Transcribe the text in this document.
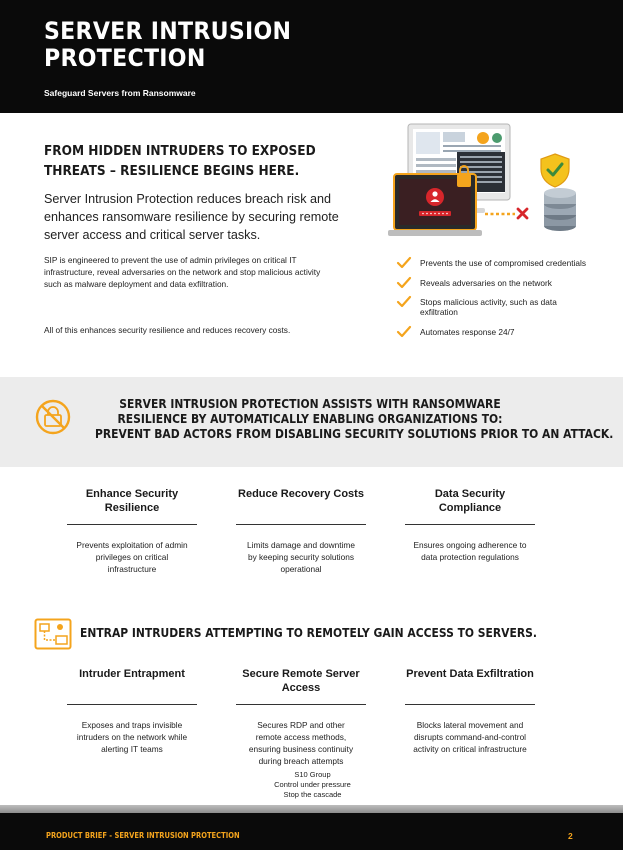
SERVER INTRUSION PROTECTION
Safeguard Servers from Ransomware
FROM HIDDEN INTRUDERS TO EXPOSED THREATS – RESILIENCE BEGINS HERE.
Server Intrusion Protection reduces breach risk and enhances ransomware resilience by securing remote server access and critical server tasks.
SIP is engineered to prevent the use of admin privileges on critical IT infrastructure, reveal adversaries on the network and stop malicious activity such as malware deployment and data exfiltration.
All of this enhances security resilience and reduces recovery costs.
Prevents the use of compromised credentials
Reveals adversaries on the network
Stops malicious activity, such as data exfiltration
Automates response 24/7
SERVER INTRUSION PROTECTION ASSISTS WITH RANSOMWARE
RESILIENCE BY AUTOMATICALLY ENABLING ORGANIZATIONS TO:
PREVENT BAD ACTORS FROM DISABLING SECURITY SOLUTIONS PRIOR TO AN ATTACK.
Enhance Security Resilience
Prevents exploitation of admin privileges on critical infrastructure
Reduce Recovery Costs
Limits damage and downtime by keeping security solutions operational
Data Security Compliance
Ensures ongoing adherence to data protection regulations
ENTRAP INTRUDERS ATTEMPTING TO REMOTELY GAIN ACCESS TO SERVERS.
Intruder Entrapment
Exposes and traps invisible intruders on the network while alerting IT teams
Secure Remote Server Access
Secures RDP and other remote access methods, ensuring business continuity during breach attempts
Prevent Data Exfiltration
Blocks lateral movement and disrupts command-and-control activity on critical infrastructure
S10 Group
Control under pressure
Stop the cascade
PRODUCT BRIEF - SERVER INTRUSION PROTECTION	2
